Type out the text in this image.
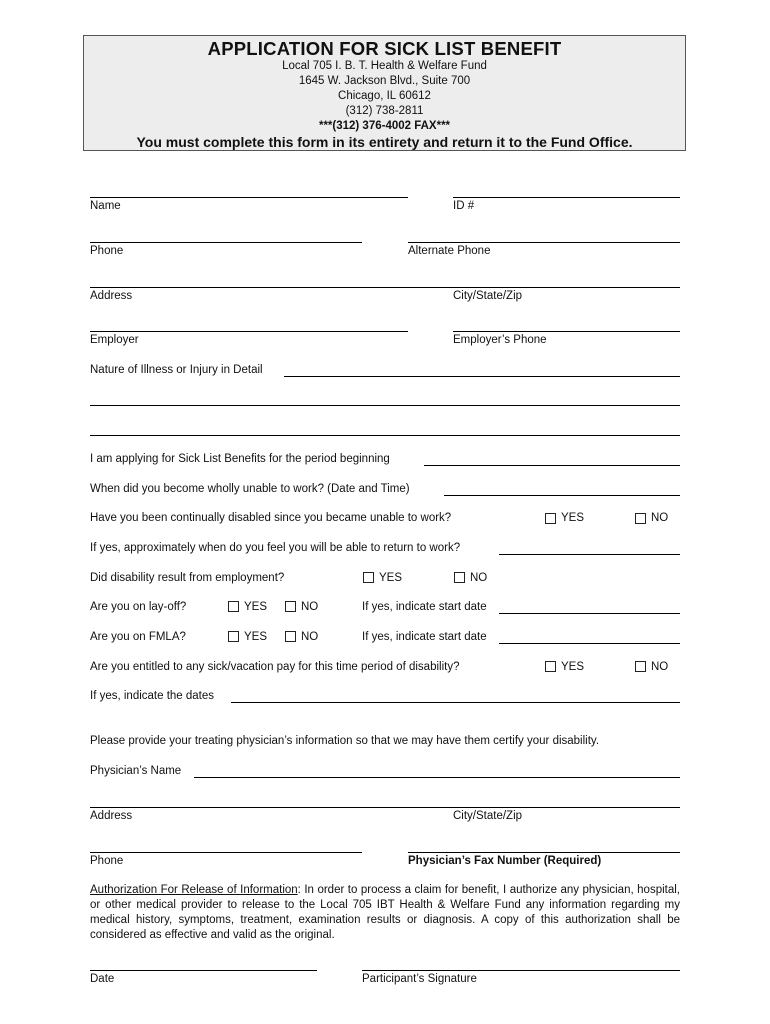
APPLICATION FOR SICK LIST BENEFIT
Local 705 I. B. T. Health & Welfare Fund
1645 W. Jackson Blvd., Suite 700
Chicago, IL 60612
(312) 738-2811
***(312) 376-4002 FAX***
You must complete this form in its entirety and return it to the Fund Office.
Name	ID #
Phone	Alternate Phone
Address	City/State/Zip
Employer	Employer’s Phone
Nature of Illness or Injury in Detail
I am applying for Sick List Benefits for the period beginning
When did you become wholly unable to work? (Date and Time)
Have you been continually disabled since you became unable to work?	YES	NO
If yes, approximately when do you feel you will be able to return to work?
Did disability result from employment?	YES	NO
Are you on lay-off?	YES	NO	If yes, indicate start date
Are you on FMLA?	YES	NO	If yes, indicate start date
Are you entitled to any sick/vacation pay for this time period of disability?	YES	NO
If yes, indicate the dates
Please provide your treating physician’s information so that we may have them certify your disability.
Physician’s Name
Address	City/State/Zip
Phone	Physician’s Fax Number (Required)
Authorization For Release of Information: In order to process a claim for benefit, I authorize any physician, hospital, or other medical provider to release to the Local 705 IBT Health & Welfare Fund any information regarding my medical history, symptoms, treatment, examination results or diagnosis. A copy of this authorization shall be considered as effective and valid as the original.
Date	Participant’s Signature
